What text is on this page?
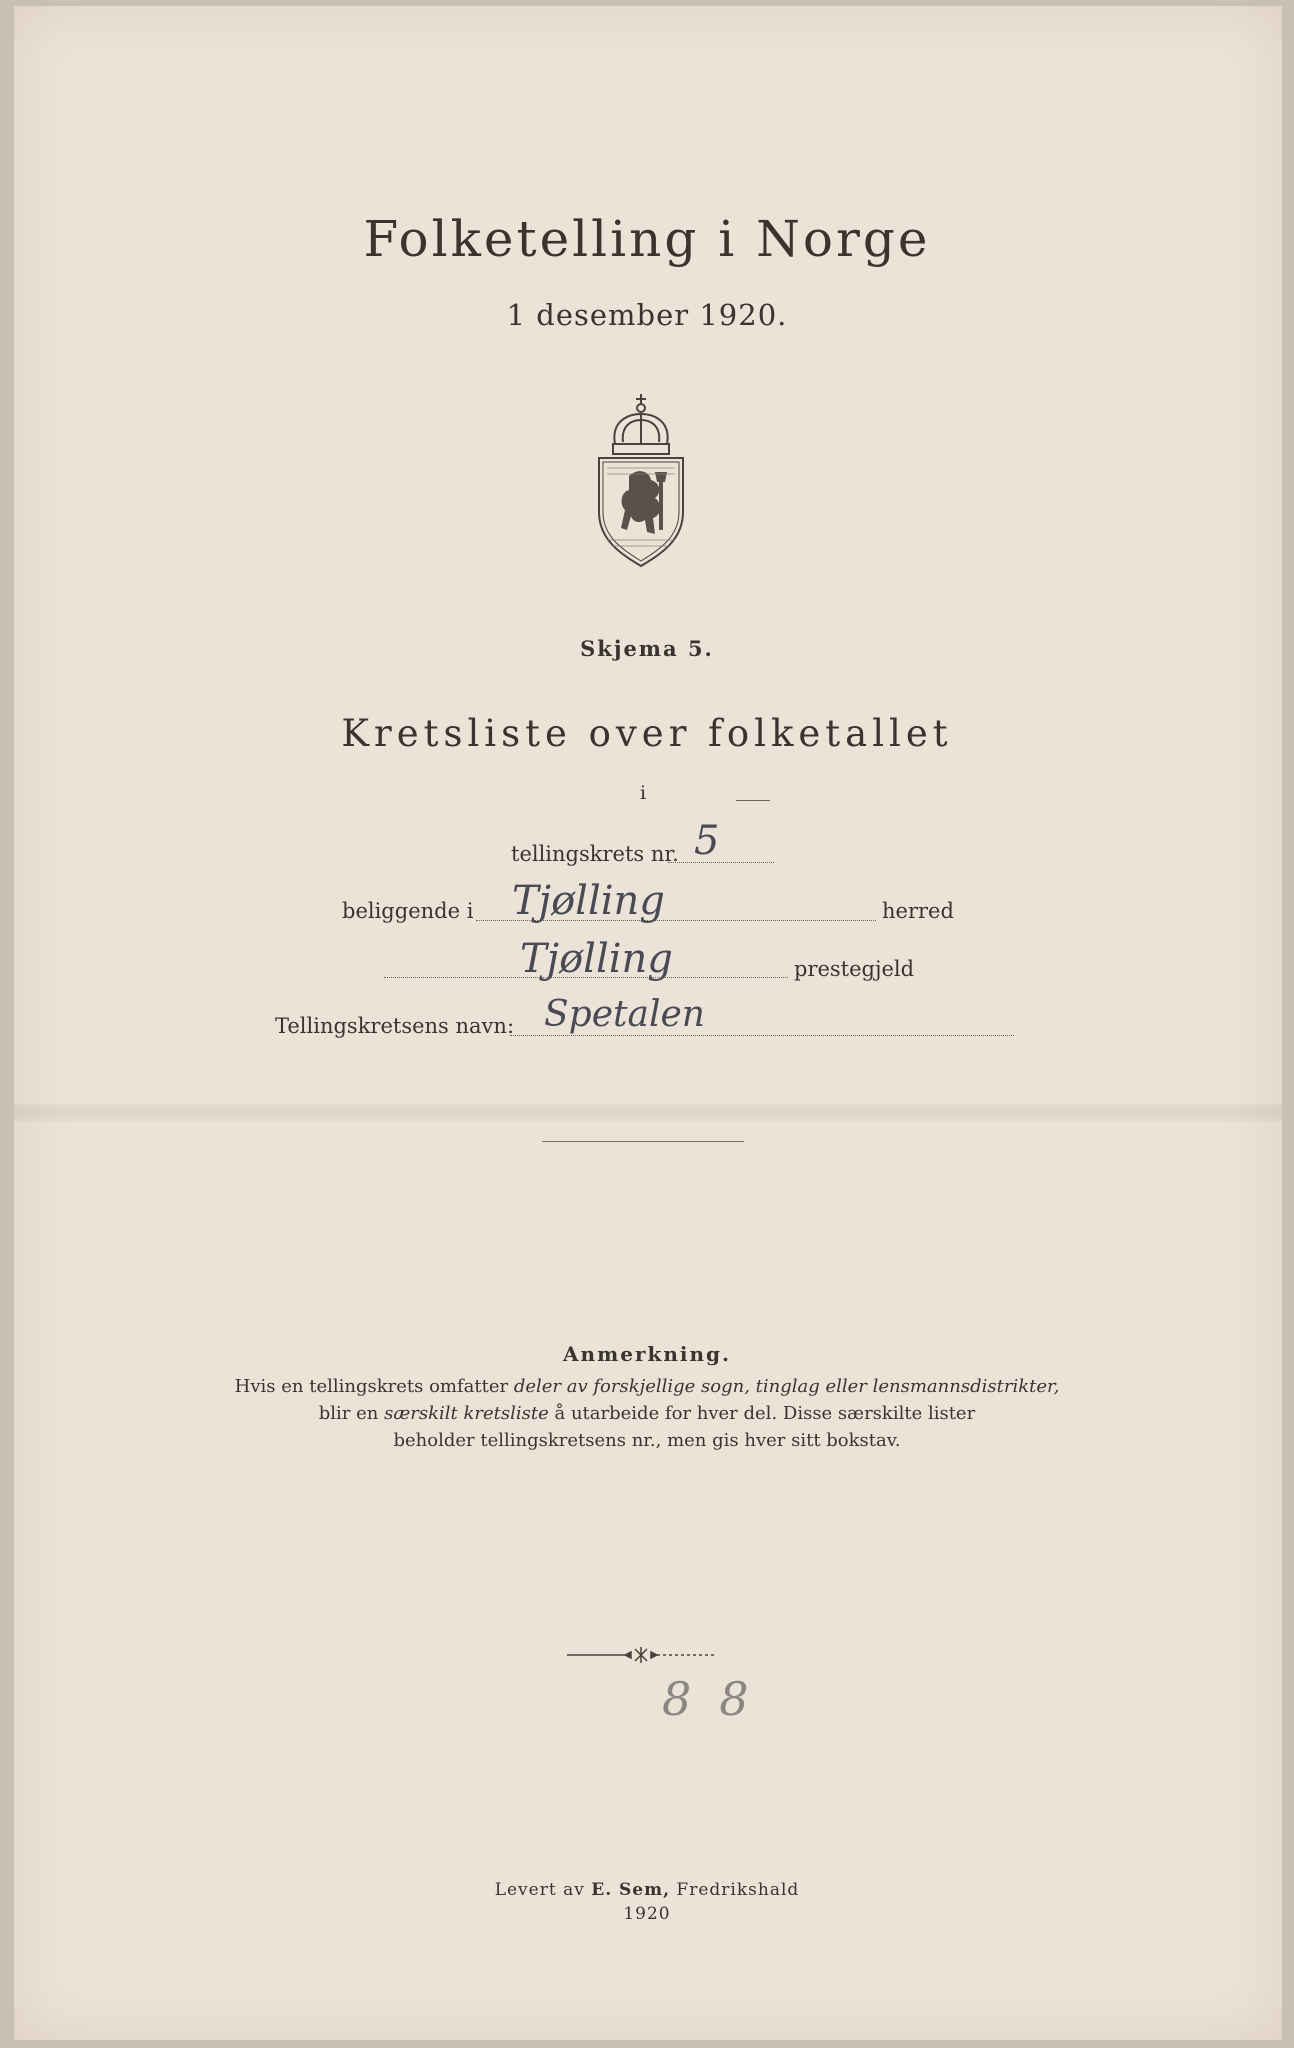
Folketelling i Norge
1 desember 1920.
Skjema 5.
Kretsliste over folketallet
i
tellingskrets nr. 5
beliggende i Tjølling	herred
Tjølling	prestegjeld
Tellingskretsens navn: Spetalen
Anmerkning.
Hvis en tellingskrets omfatter deler av forskjellige sogn, tinglag eller lensmannsdistrikter,
blir en særskilt kretsliste å utarbeide for hver del. Disse særskilte lister
beholder tellingskretsens nr., men gis hver sitt bokstav.
88
Levert av E. Sem, Fredrikshald
1920
